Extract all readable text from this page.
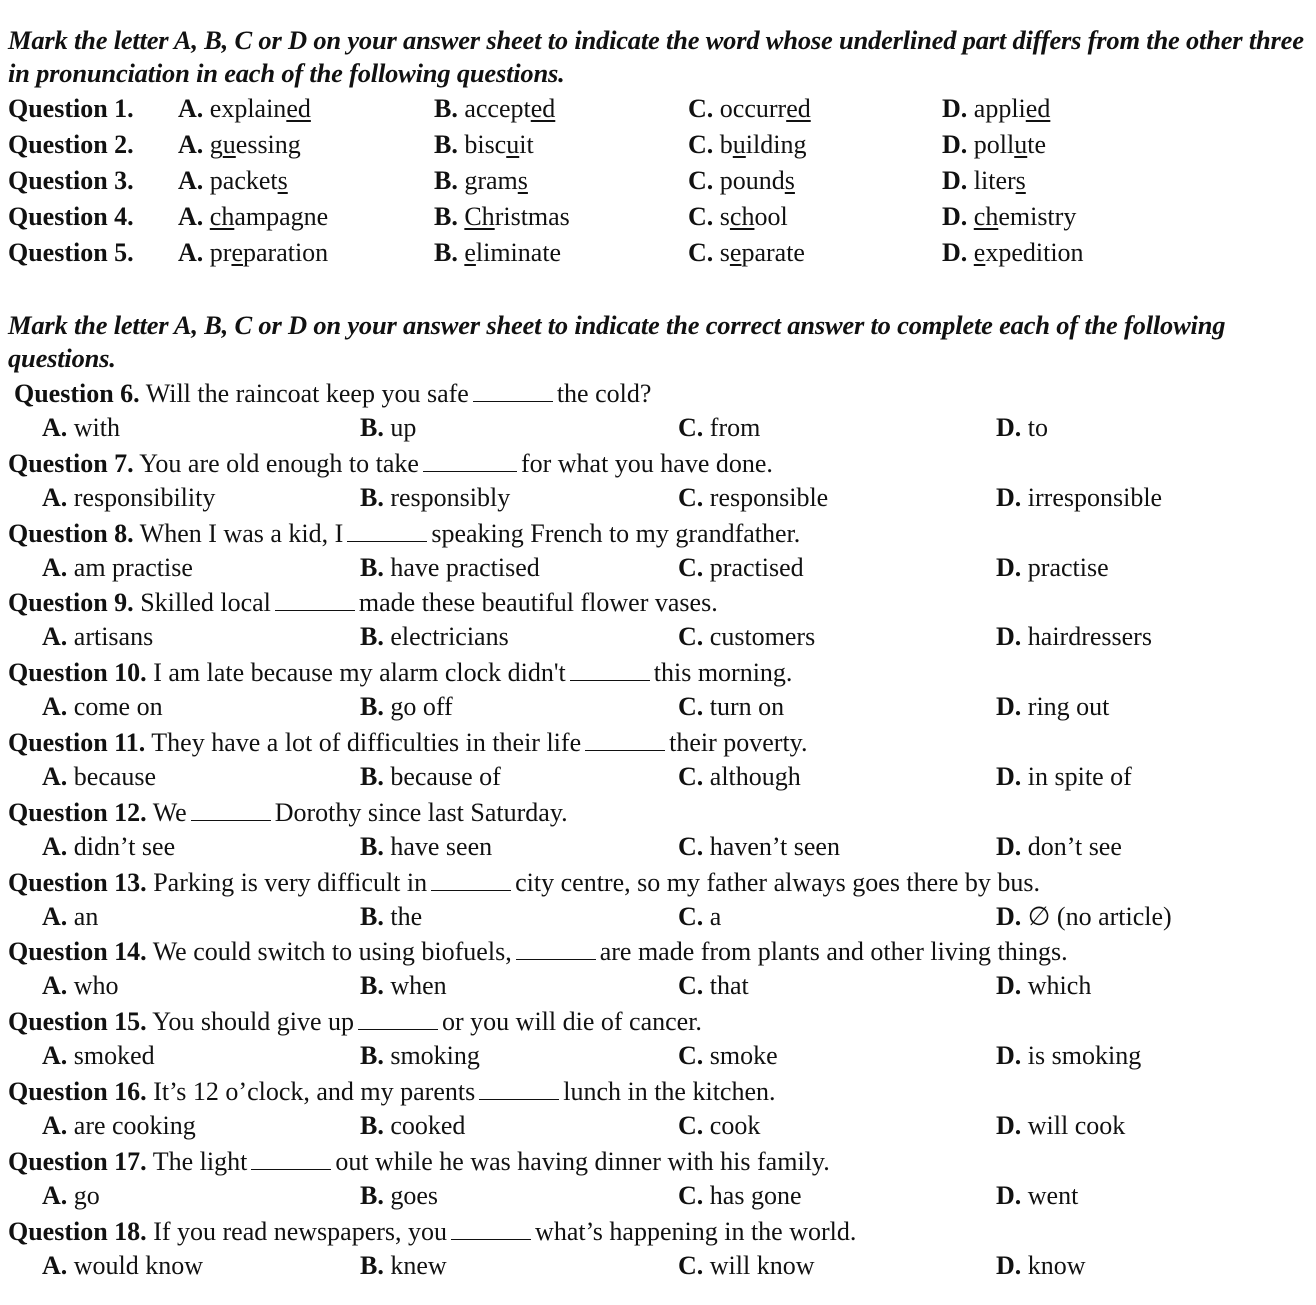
Mark the letter A, B, C or D on your answer sheet to indicate the word whose underlined part differs from the other three in pronunciation in each of the following questions.
Question 1. A. explained	B. accepted	C. occurred	D. applied
Question 2. A. guessing	B. biscuit	C. building	D. pollute
Question 3. A. packets	B. grams	C. pounds	D. liters
Question 4. A. champagne	B. Christmas	C. school	D. chemistry
Question 5. A. preparation	B. eliminate	C. separate	D. expedition
Mark the letter A, B, C or D on your answer sheet to indicate the correct answer to complete each of the following questions.
Question 6. Will the raincoat keep you safe	the cold?
A. with	B. up	C. from	D. to
Question 7. You are old enough to take	for what you have done.
A. responsibility	B. responsibly	C. responsible	D. irresponsible
Question 8. When I was a kid, I	speaking French to my grandfather.
A. am practise	B. have practised	C. practised	D. practise
Question 9. Skilled local	made these beautiful flower vases.
A. artisans	B. electricians	C. customers	D. hairdressers
Question 10. I am late because my alarm clock didn't	this morning.
A. come on	B. go off	C. turn on	D. ring out
Question 11. They have a lot of difficulties in their life	their poverty.
A. because	B. because of	C. although	D. in spite of
Question 12. We	Dorothy since last Saturday.
A. didn’t see	B. have seen	C. haven’t seen	D. don’t see
Question 13. Parking is very difficult in	city centre, so my father always goes there by bus.
A. an	B. the	C. a	D. ∅ (no article)
Question 14. We could switch to using biofuels,	are made from plants and other living things.
A. who	B. when	C. that	D. which
Question 15. You should give up	or you will die of cancer.
A. smoked	B. smoking	C. smoke	D. is smoking
Question 16. It’s 12 o’clock, and my parents	lunch in the kitchen.
A. are cooking	B. cooked	C. cook	D. will cook
Question 17. The light	out while he was having dinner with his family.
A. go	B. goes	C. has gone	D. went
Question 18. If you read newspapers, you	what’s happening in the world.
A. would know	B. knew	C. will know	D. know
